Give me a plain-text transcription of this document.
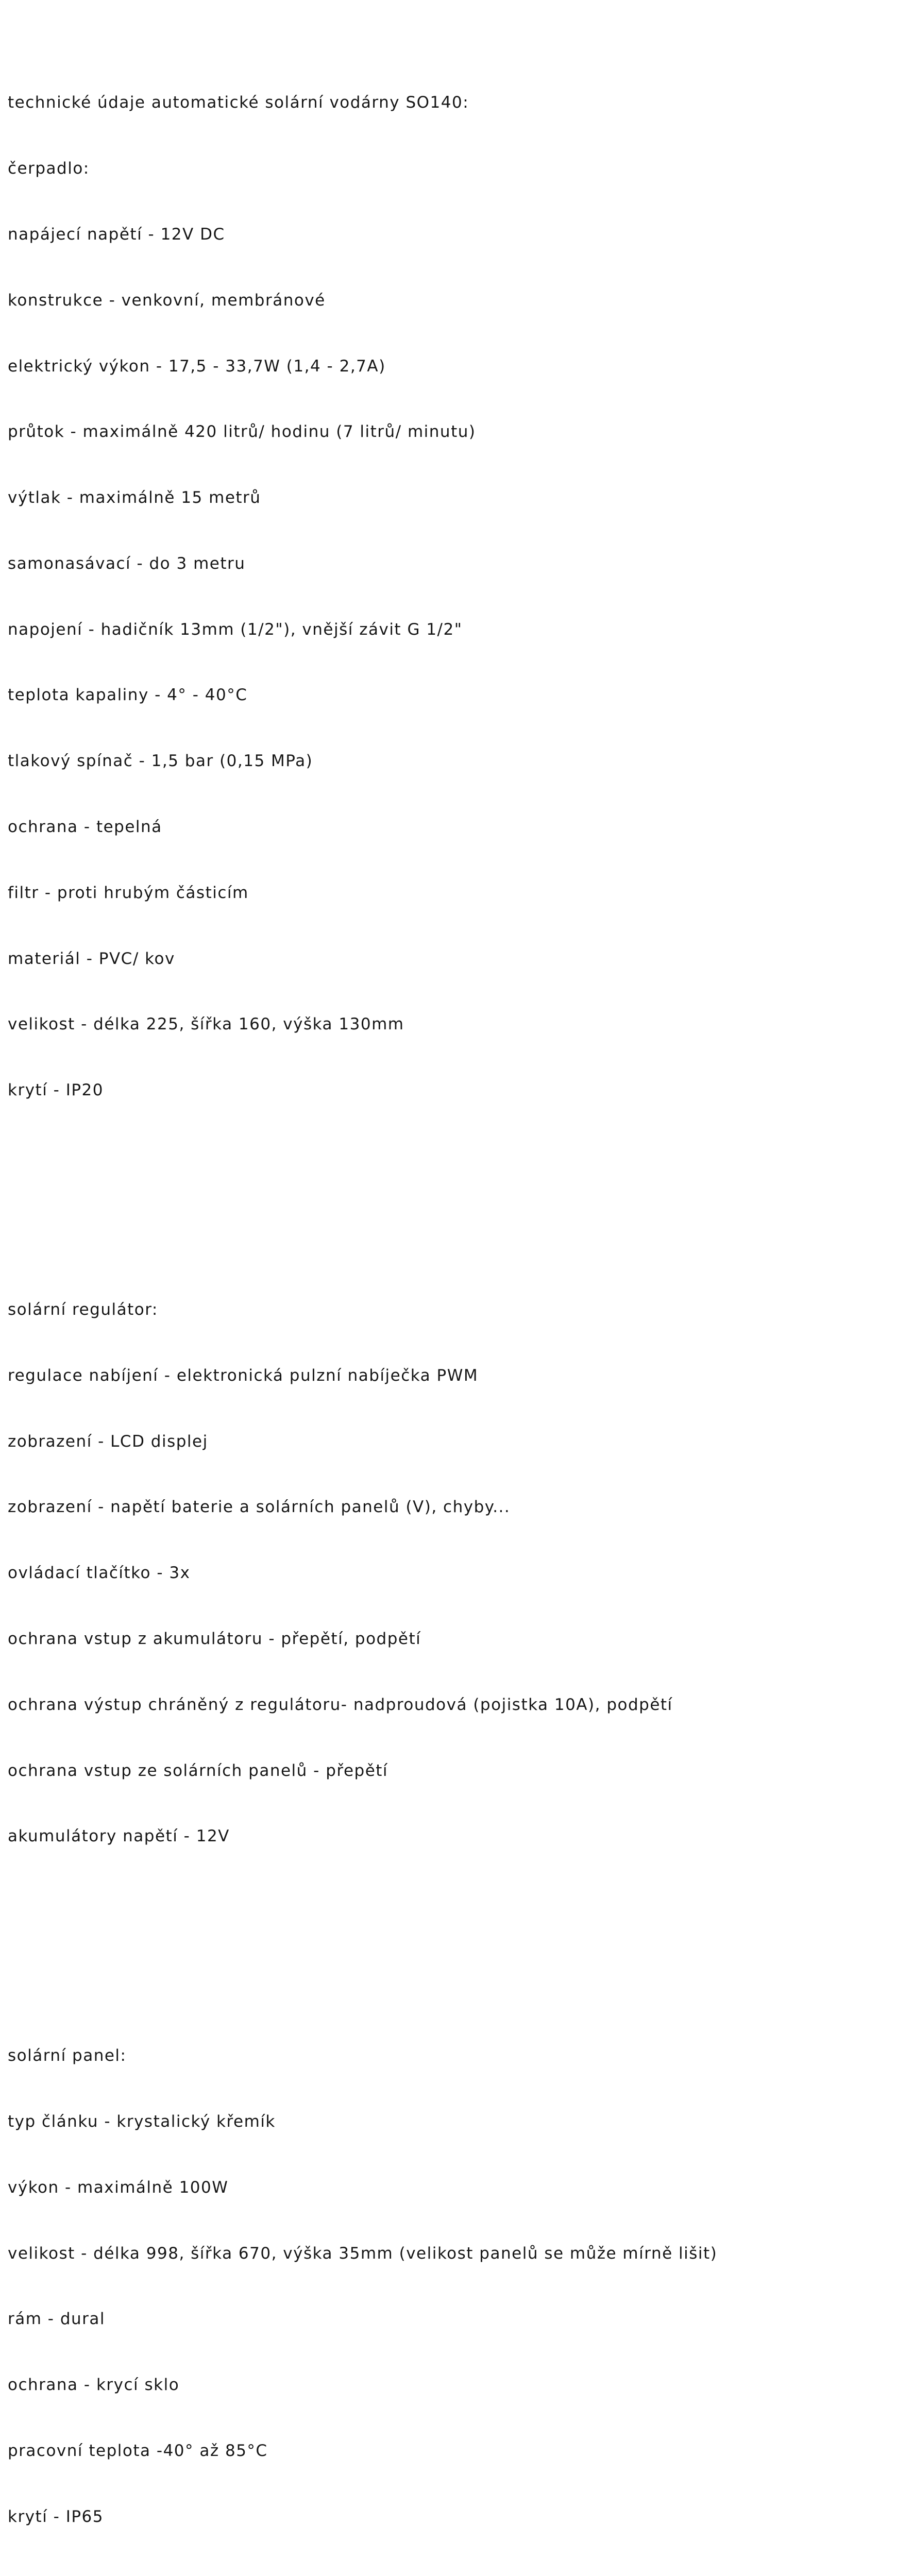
technické údaje automatické solární vodárny SO140:

čerpadlo:

napájecí napětí - 12V DC

konstrukce - venkovní, membránové

elektrický výkon - 17,5 - 33,7W (1,4 - 2,7A)

průtok - maximálně 420 litrů/ hodinu (7 litrů/ minutu)

výtlak - maximálně 15 metrů

samonasávací - do 3 metru

napojení - hadičník 13mm (1/2"), vnější závit G 1/2"

teplota kapaliny - 4° - 40°C

tlakový spínač - 1,5 bar (0,15 MPa)

ochrana - tepelná

filtr - proti hrubým částicím

materiál - PVC/ kov

velikost - délka 225, šířka 160, výška 130mm

krytí - IP20

solární regulátor:

regulace nabíjení - elektronická pulzní nabíječka PWM

zobrazení - LCD displej

zobrazení - napětí baterie a solárních panelů (V), chyby...

ovládací tlačítko - 3x

ochrana vstup z akumulátoru - přepětí, podpětí

ochrana výstup chráněný z regulátoru- nadproudová (pojistka 10A), podpětí

ochrana vstup ze solárních panelů - přepětí

akumulátory napětí - 12V

solární panel:

typ článku - krystalický křemík

výkon - maximálně 100W

velikost - délka 998, šířka 670, výška 35mm (velikost panelů se může mírně lišit)

rám - dural

ochrana - krycí sklo

pracovní teplota -40° až 85°C

krytí - IP65
